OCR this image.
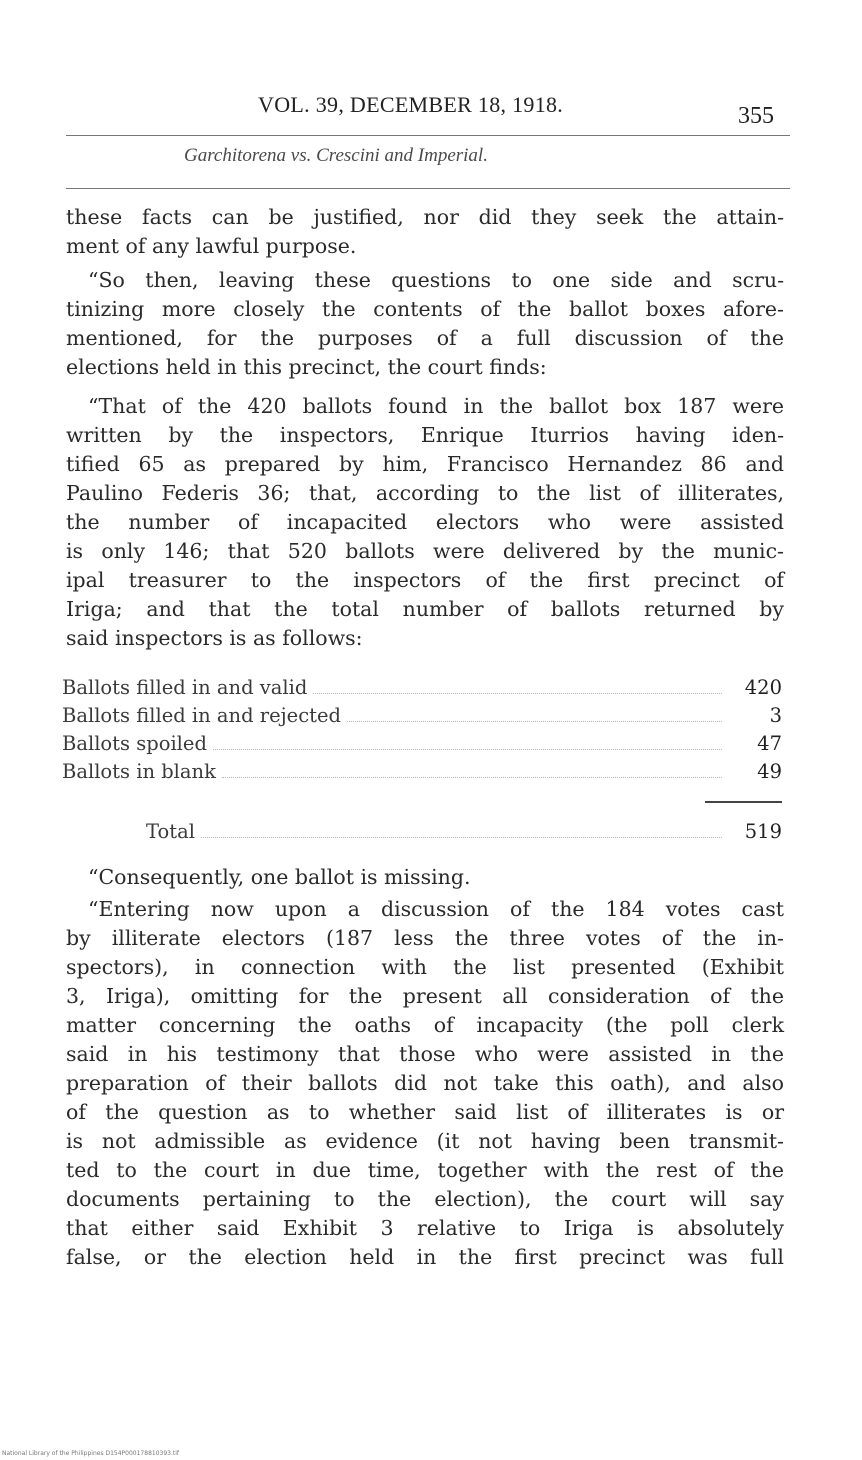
VOL. 39, DECEMBER 18, 1918.	355
Garchitorena vs. Crescini and Imperial.
these facts can be justified, nor did they seek the attain-
ment of any lawful purpose.
“So then, leaving these questions to one side and scru-
tinizing more closely the contents of the ballot boxes afore-
mentioned, for the purposes of a full discussion of the
elections held in this precinct, the court finds:
“That of the 420 ballots found in the ballot box 187 were
written by the inspectors, Enrique Iturrios having iden-
tified 65 as prepared by him, Francisco Hernandez 86 and
Paulino Federis 36; that, according to the list of illiterates,
the number of incapacited electors who were assisted
is only 146; that 520 ballots were delivered by the munic-
ipal treasurer to the inspectors of the first precinct of
Iriga; and that the total number of ballots returned by
said inspectors is as follows:
Ballots filled in and valid	420
Ballots filled in and rejected	3
Ballots spoiled	47
Ballots in blank	49
Total	519
“Consequently, one ballot is missing.
“Entering now upon a discussion of the 184 votes cast
by illiterate electors (187 less the three votes of the in-
spectors), in connection with the list presented (Exhibit
3, Iriga), omitting for the present all consideration of the
matter concerning the oaths of incapacity (the poll clerk
said in his testimony that those who were assisted in the
preparation of their ballots did not take this oath), and also
of the question as to whether said list of illiterates is or
is not admissible as evidence (it not having been transmit-
ted to the court in due time, together with the rest of the
documents pertaining to the election), the court will say
that either said Exhibit 3 relative to Iriga is absolutely
false, or the election held in the first precinct was full
National Library of the Philippines D154P000178810393.tif
